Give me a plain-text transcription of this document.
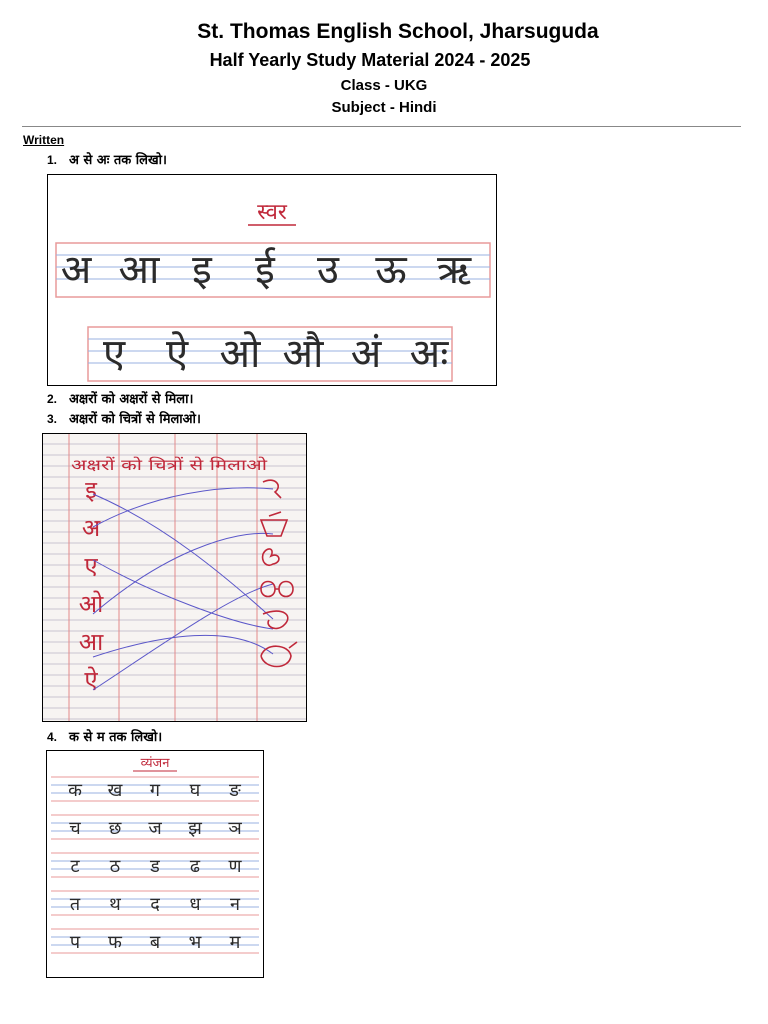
St. Thomas English School, Jharsuguda
Half Yearly Study Material 2024 - 2025
Class - UKG
Subject - Hindi
Written
1. अ से अः तक लिखो।
स्वर
अ आ इ ई उ ऊ ऋ
ए ऐ ओ औ अं अः
2. अक्षरों को अक्षरों से मिला।
3. अक्षरों को चित्रों से मिलाओ।
अक्षरों को चित्रों से मिलाओ
इ
अ
ए
ओ
आ
ऐ
4. क से म तक लिखो।
व्यंजन
क ख ग घ ङ
च छ ज झ ञ
ट ठ ड ढ ण
त थ द ध न
प फ ब भ म
